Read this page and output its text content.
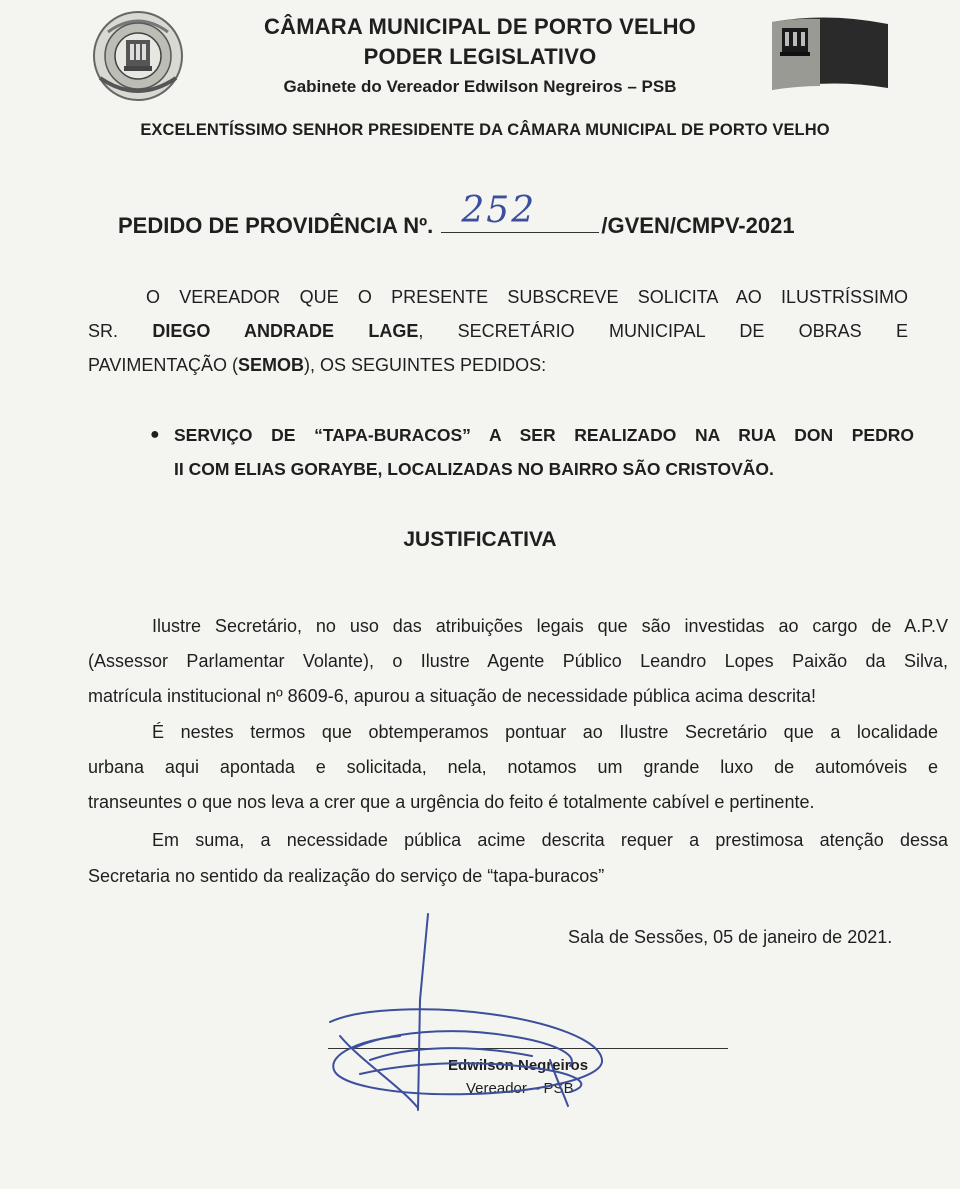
CÂMARA MUNICIPAL DE PORTO VELHO
PODER LEGISLATIVO
Gabinete do Vereador Edwilson Negreiros – PSB
EXCELENTÍSSIMO SENHOR PRESIDENTE DA CÂMARA MUNICIPAL DE PORTO VELHO
PEDIDO DE PROVIDÊNCIA Nº. 252	/GVEN/CMPV-2021
O VEREADOR QUE O PRESENTE SUBSCREVE SOLICITA AO ILUSTRÍSSIMO
SR. DIEGO ANDRADE LAGE, SECRETÁRIO MUNICIPAL DE OBRAS E
PAVIMENTAÇÃO (SEMOB), OS SEGUINTES PEDIDOS:
● SERVIÇO DE “TAPA-BURACOS” A SER REALIZADO NA RUA DON PEDRO
II COM ELIAS GORAYBE, LOCALIZADAS NO BAIRRO SÃO CRISTOVÃO.
JUSTIFICATIVA
Ilustre Secretário, no uso das atribuições legais que são investidas ao cargo de A.P.V
(Assessor Parlamentar Volante), o Ilustre Agente Público Leandro Lopes Paixão da Silva,
matrícula institucional nº 8609-6, apurou a situação de necessidade pública acima descrita!
É nestes termos que obtemperamos pontuar ao Ilustre Secretário que a localidade
urbana aqui apontada e solicitada, nela, notamos um grande luxo de automóveis e
transeuntes o que nos leva a crer que a urgência do feito é totalmente cabível e pertinente.
Em suma, a necessidade pública acime descrita requer a prestimosa atenção dessa
Secretaria no sentido da realização do serviço de “tapa-buracos”
Sala de Sessões, 05 de janeiro de 2021.
Edwilson Negreiros
Vereador – PSB
